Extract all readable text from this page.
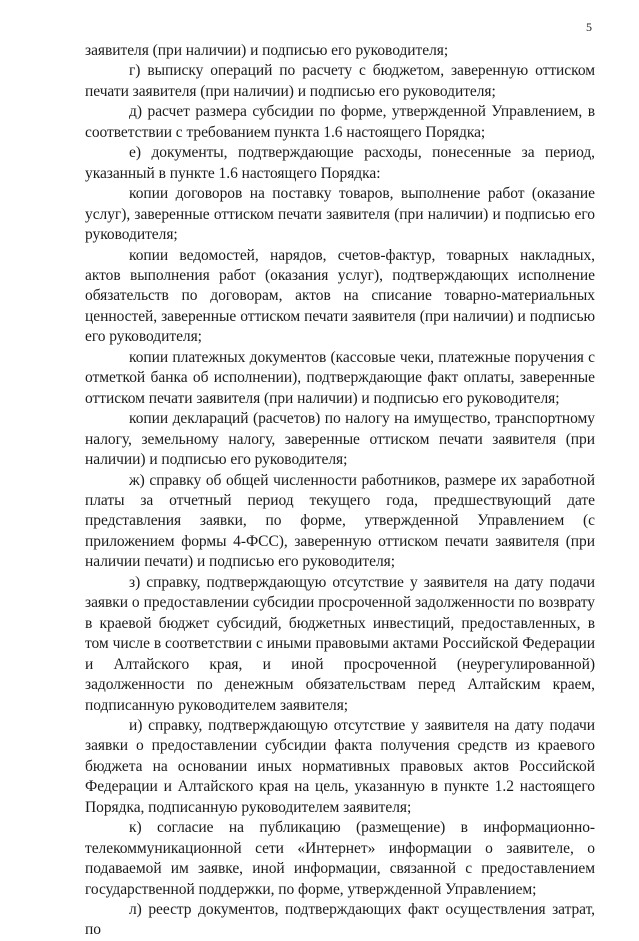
5

заявителя (при наличии) и подписью его руководителя;

г) выписку операций по расчету с бюджетом, заверенную оттиском печати заявителя (при наличии) и подписью его руководителя;

д) расчет размера субсидии по форме, утвержденной Управлением, в соответствии с требованием пункта 1.6 настоящего Порядка;

е) документы, подтверждающие расходы, понесенные за период, указанный в пункте 1.6 настоящего Порядка:

копии договоров на поставку товаров, выполнение работ (оказание услуг), заверенные оттиском печати заявителя (при наличии) и подписью его руководителя;

копии ведомостей, нарядов, счетов-фактур, товарных накладных, актов выполнения работ (оказания услуг), подтверждающих исполнение обязательств по договорам, актов на списание товарно-материальных ценностей, заверенные оттиском печати заявителя (при наличии) и подписью его руководителя;

копии платежных документов (кассовые чеки, платежные поручения с отметкой банка об исполнении), подтверждающие факт оплаты, заверенные оттиском печати заявителя (при наличии) и подписью его руководителя;

копии деклараций (расчетов) по налогу на имущество, транспортному налогу, земельному налогу, заверенные оттиском печати заявителя (при наличии) и подписью его руководителя;

ж) справку об общей численности работников, размере их заработной платы за отчетный период текущего года, предшествующий дате представления заявки, по форме, утвержденной Управлением (с приложением формы 4-ФСС), заверенную оттиском печати заявителя (при наличии печати) и подписью его руководителя;

з) справку, подтверждающую отсутствие у заявителя на дату подачи заявки о предоставлении субсидии просроченной задолженности по возврату в краевой бюджет субсидий, бюджетных инвестиций, предоставленных, в том числе в соответствии с иными правовыми актами Российской Федерации и Алтайского края, и иной просроченной (неурегулированной) задолженности по денежным обязательствам перед Алтайским краем, подписанную руководителем заявителя;

и) справку, подтверждающую отсутствие у заявителя на дату подачи заявки о предоставлении субсидии факта получения средств из краевого бюджета на основании иных нормативных правовых актов Российской Федерации и Алтайского края на цель, указанную в пункте 1.2 настоящего Порядка, подписанную руководителем заявителя;

к) согласие на публикацию (размещение) в информационно-телекоммуникационной сети «Интернет» информации о заявителе, о подаваемой им заявке, иной информации, связанной с предоставлением государственной поддержки, по форме, утвержденной Управлением;

л) реестр документов, подтверждающих факт осуществления затрат, по
